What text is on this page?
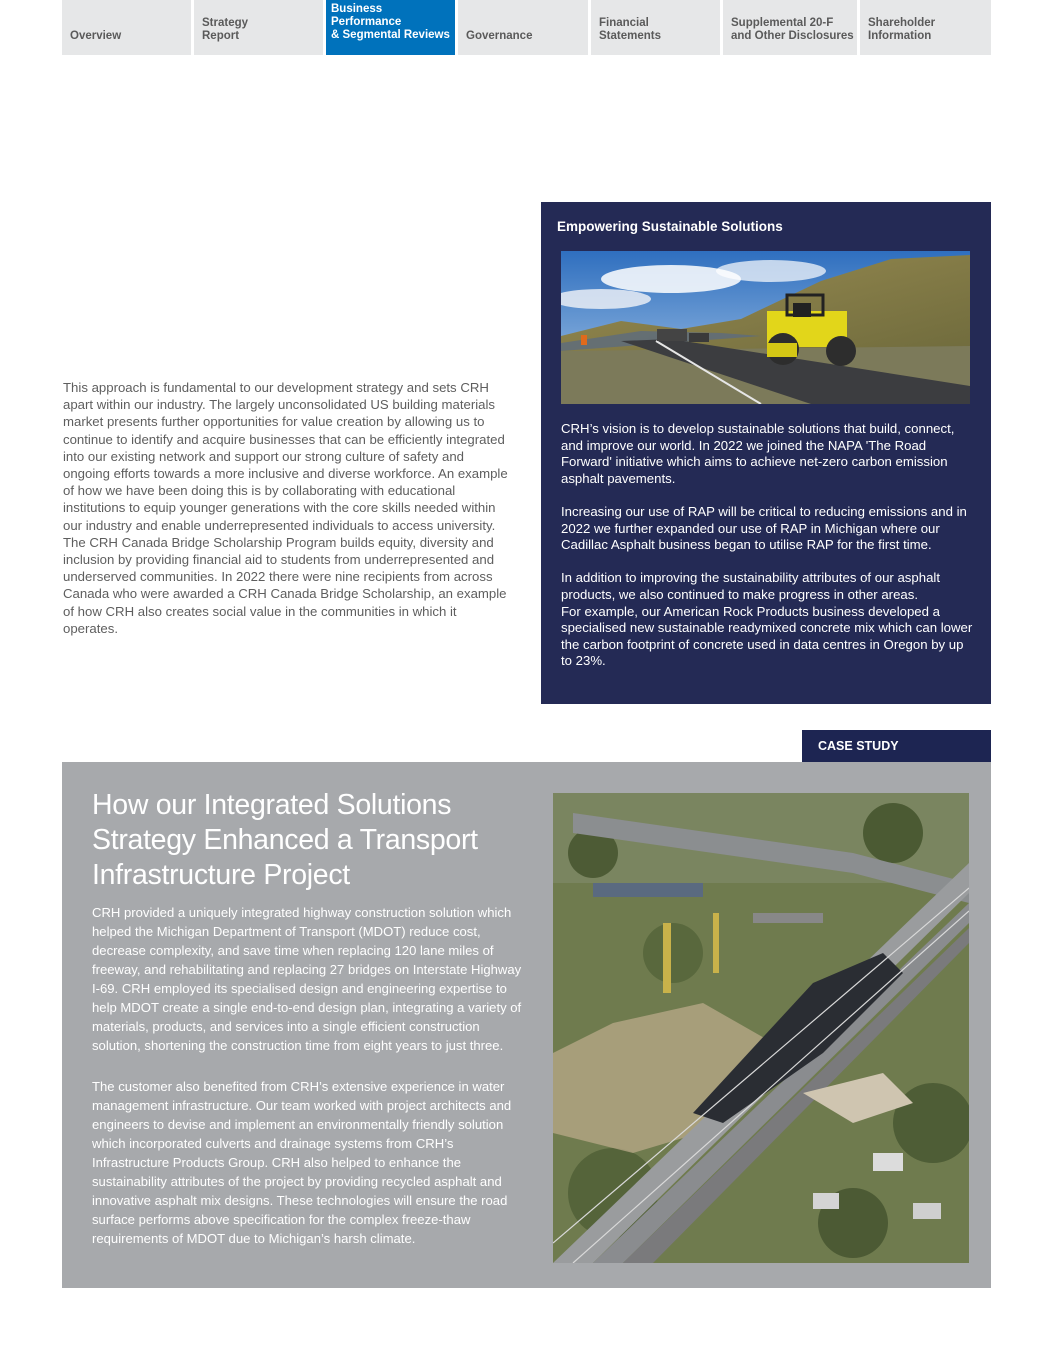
Overview
Strategy
Report
Business Performance
& Segmental Reviews	Governance
Financial
Statements
Supplemental 20-F
and Other Disclosures
Shareholder
Information

This approach is fundamental to our development strategy and sets CRH apart within our industry. The largely unconsolidated US building materials market presents further opportunities for value creation by allowing us to continue to identify and acquire businesses that can be efficiently integrated into our existing network and support our strong culture of safety and ongoing efforts towards a more inclusive and diverse workforce. An example of how we have been doing this is by collaborating with educational institutions to equip younger generations with the core skills needed within our industry and enable underrepresented individuals to access university. The CRH Canada Bridge Scholarship Program builds equity, diversity and inclusion by providing financial aid to students from underrepresented and underserved communities. In 2022 there were nine recipients from across Canada who were awarded a CRH Canada Bridge Scholarship, an example of how CRH also creates social value in the communities in which it operates.

Empowering Sustainable Solutions

CRH’s vision is to develop sustainable solutions that build, connect, and improve our world. In 2022 we joined the NAPA 'The Road Forward' initiative which aims to achieve net-zero carbon emission asphalt pavements.

Increasing our use of RAP will be critical to reducing emissions and in 2022 we further expanded our use of RAP in Michigan where our Cadillac Asphalt business began to utilise RAP for the first time.

In addition to improving the sustainability attributes of our asphalt products, we also continued to make progress in other areas.
For example, our American Rock Products business developed a specialised new sustainable readymixed concrete mix which can lower the carbon footprint of concrete used in data centres in Oregon by up to 23%.

CASE STUDY
How our Integrated Solutions Strategy Enhanced a Transport Infrastructure Project

CRH provided a uniquely integrated highway construction solution which helped the Michigan Department of Transport (MDOT) reduce cost, decrease complexity, and save time when replacing 120 lane miles of freeway, and rehabilitating and replacing 27 bridges on Interstate Highway I-69. CRH employed its specialised design and engineering expertise to help MDOT create a single end-to-end design plan, integrating a variety of materials, products, and services into a single efficient construction solution, shortening the construction time from eight years to just three.

The customer also benefited from CRH’s extensive experience in water management infrastructure. Our team worked with project architects and engineers to devise and implement an environmentally friendly solution which incorporated culverts and drainage systems from CRH’s Infrastructure Products Group. CRH also helped to enhance the sustainability attributes of the project by providing recycled asphalt and innovative asphalt mix designs. These technologies will ensure the road surface performs above specification for the complex freeze-thaw requirements of MDOT due to Michigan’s harsh climate.
